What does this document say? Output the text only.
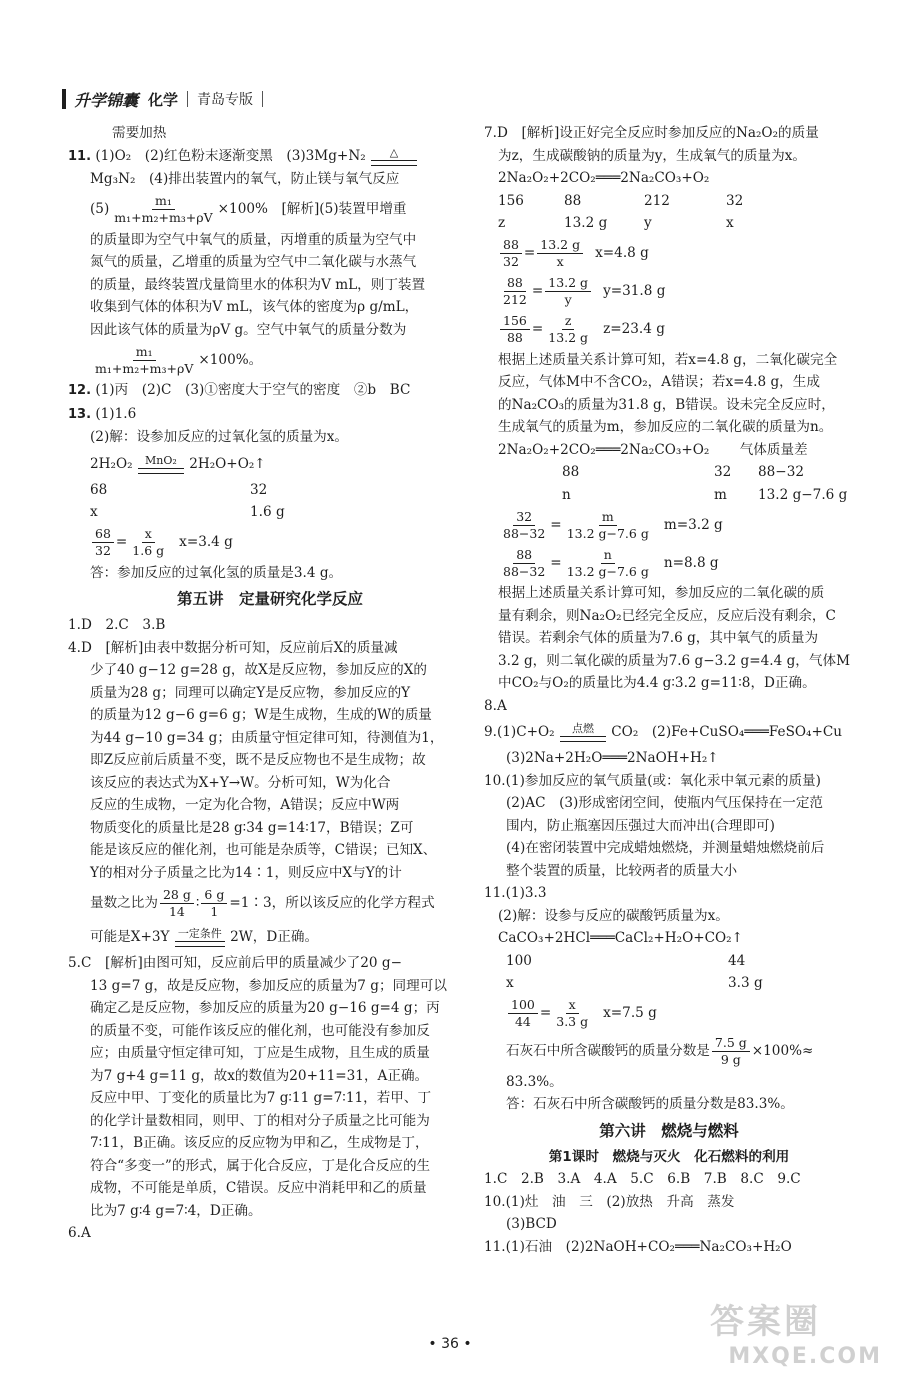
升学锦囊 化学 青岛专版
需要加热
11. (1)O₂　(2)红色粉末逐渐变黑　(3)3Mg+N₂ △
Mg₃N₂　(4)排出装置内的氧气，防止镁与氧气反应
$(5) \frac{\text{m₁}}{\text{m₁+m₂+m₃+ρV}} \times 100\%$　[解析](5)装置甲增重
的质量即为空气中氧气的质量，丙增重的质量为空气中
氮气的质量，乙增重的质量为空气中二氧化碳与水蒸气
的质量，最终装置戊量筒里水的体积为V mL，则丁装置
收集到气体的体积为V mL，该气体的密度为ρ g/mL，
因此该气体的质量为ρV g。空气中氧气的质量分数为
$\frac{\text{m₁}}{\text{m₁+m₂+m₃+ρV}} \times 100\%$。
12. (1)丙　(2)C　(3)①密度大于空气的密度　②b　BC
13. (1)1.6
(2)解：设参加反应的过氧化氢的质量为x。
2H₂O₂ MnO₂ 2H₂O+O₂↑
68	32
x	1.6 g
$\frac{68}{32} = \frac{x}{1.6 g} x=3.4$ g
答：参加反应的过氧化氢的质量是3.4 g。
第五讲　定量研究化学反应
1.D　2.C　3.B
4.D　[解析]由表中数据分析可知，反应前后X的质量减
少了40 g−12 g=28 g，故X是反应物，参加反应的X的
质量为28 g；同理可以确定Y是反应物，参加反应的Y
的质量为12 g−6 g=6 g；W是生成物，生成的W的质量
为44 g−10 g=34 g；由质量守恒定律可知，待测值为1，
即Z反应前后质量不变，既不是反应物也不是生成物；故
该反应的表达式为X+Y→W。分析可知，W为化合
反应的生成物，一定为化合物，A错误；反应中W两
物质变化的质量比是28 g∶34 g=14∶17，B错误；Z可
能是该反应的催化剂，也可能是杂质等，C错误；已知X、
Y的相对分子质量之比为14∶1，则反应中X与Y的计
量数之比为 $\frac{28 g}{14}$ ∶ $\frac{6 g}{1}$ =1∶3，所以该反应的化学方程式
可能是X+3Y 一定条件 2W，D正确。
5.C　[解析]由图可知，反应前后甲的质量减少了20 g−
13 g=7 g，故是反应物，参加反应的质量为7 g；同理可以
确定乙是反应物，参加反应的质量为20 g−16 g=4 g；丙
的质量不变，可能作该反应的催化剂，也可能没有参加反
应；由质量守恒定律可知，丁应是生成物，且生成的质量
为7 g+4 g=11 g，故x的数值为20+11=31，A正确。
反应中甲、丁变化的质量比为7 g∶11 g=7∶11，若甲、丁
的化学计量数相同，则甲、丁的相对分子质量之比可能为
7∶11，B正确。该反应的反应物为甲和乙，生成物是丁，
符合“多变一”的形式，属于化合反应，丁是化合反应的生
成物，不可能是单质，C错误。反应中消耗甲和乙的质量
比为7 g∶4 g=7∶4，D正确。
6.A
7.D　[解析]设正好完全反应时参加反应的Na₂O₂的质量
为z，生成碳酸钠的质量为y，生成氧气的质量为x。
2Na₂O₂+2CO₂═══2Na₂CO₃+O₂
156	88	212	32
z	13.2 g	y	x
$\frac{88}{32} = \frac{13.2 g}{x} x=4.8$ g
$\frac{88}{212} = \frac{13.2 g}{y} y=31.8$ g
$\frac{156}{88} = \frac{z}{13.2 g} z=23.4$ g
根据上述质量关系计算可知，若x=4.8 g，二氧化碳完全
反应，气体M中不含CO₂，A错误；若x=4.8 g，生成
的Na₂CO₃的质量为31.8 g，B错误。设未完全反应时，
生成氧气的质量为m，参加反应的二氧化碳的质量为n。
2Na₂O₂+2CO₂═══2Na₂CO₃+O₂ 气体质量差
88	32	88−32
n	m	13.2 g−7.6 g
$\frac{32}{88-32} = \frac{m}{13.2 g-7.6 g} m=3.2$ g
$\frac{88}{88-32} = \frac{n}{13.2 g-7.6 g} n=8.8$ g
根据上述质量关系计算可知，参加反应的二氧化碳的质
量有剩余，则Na₂O₂已经完全反应，反应后没有剩余，C
错误。若剩余气体的质量为7.6 g，其中氧气的质量为
3.2 g，则二氧化碳的质量为7.6 g−3.2 g=4.4 g，气体M
中CO₂与O₂的质量比为4.4 g∶3.2 g=11∶8，D正确。
8.A
9.(1)C+O₂ 点燃 CO₂　(2)Fe+CuSO₄═══FeSO₄+Cu
(3)2Na+2H₂O═══2NaOH+H₂↑
10.(1)参加反应的氧气质量(或：氧化汞中氧元素的质量)
(2)AC　(3)形成密闭空间，使瓶内气压保持在一定范
围内，防止瓶塞因压强过大而冲出(合理即可)
(4)在密闭装置中完成蜡烛燃烧，并测量蜡烛燃烧前后
整个装置的质量，比较两者的质量大小
11.(1)3.3
(2)解：设参与反应的碳酸钙质量为x。
CaCO₃+2HCl═══CaCl₂+H₂O+CO₂↑
100	44
x	3.3 g
$\frac{100}{44} = \frac{x}{3.3 g} x=7.5$ g
石灰石中所含碳酸钙的质量分数是 $\frac{7.5 g}{9 g} \times 100\%\approx$
83.3%。
答：石灰石中所含碳酸钙的质量分数是83.3%。
第六讲　燃烧与燃料
第1课时　燃烧与灭火　化石燃料的利用
1.C　2.B　3.A　4.A　5.C　6.B　7.B　8.C　9.C
10.(1)灶　油　三　(2)放热　升高　蒸发
(3)BCD
11.(1)石油　(2)2NaOH+CO₂═══Na₂CO₃+H₂O
• 36 •
答案圈
MXQE.COM
